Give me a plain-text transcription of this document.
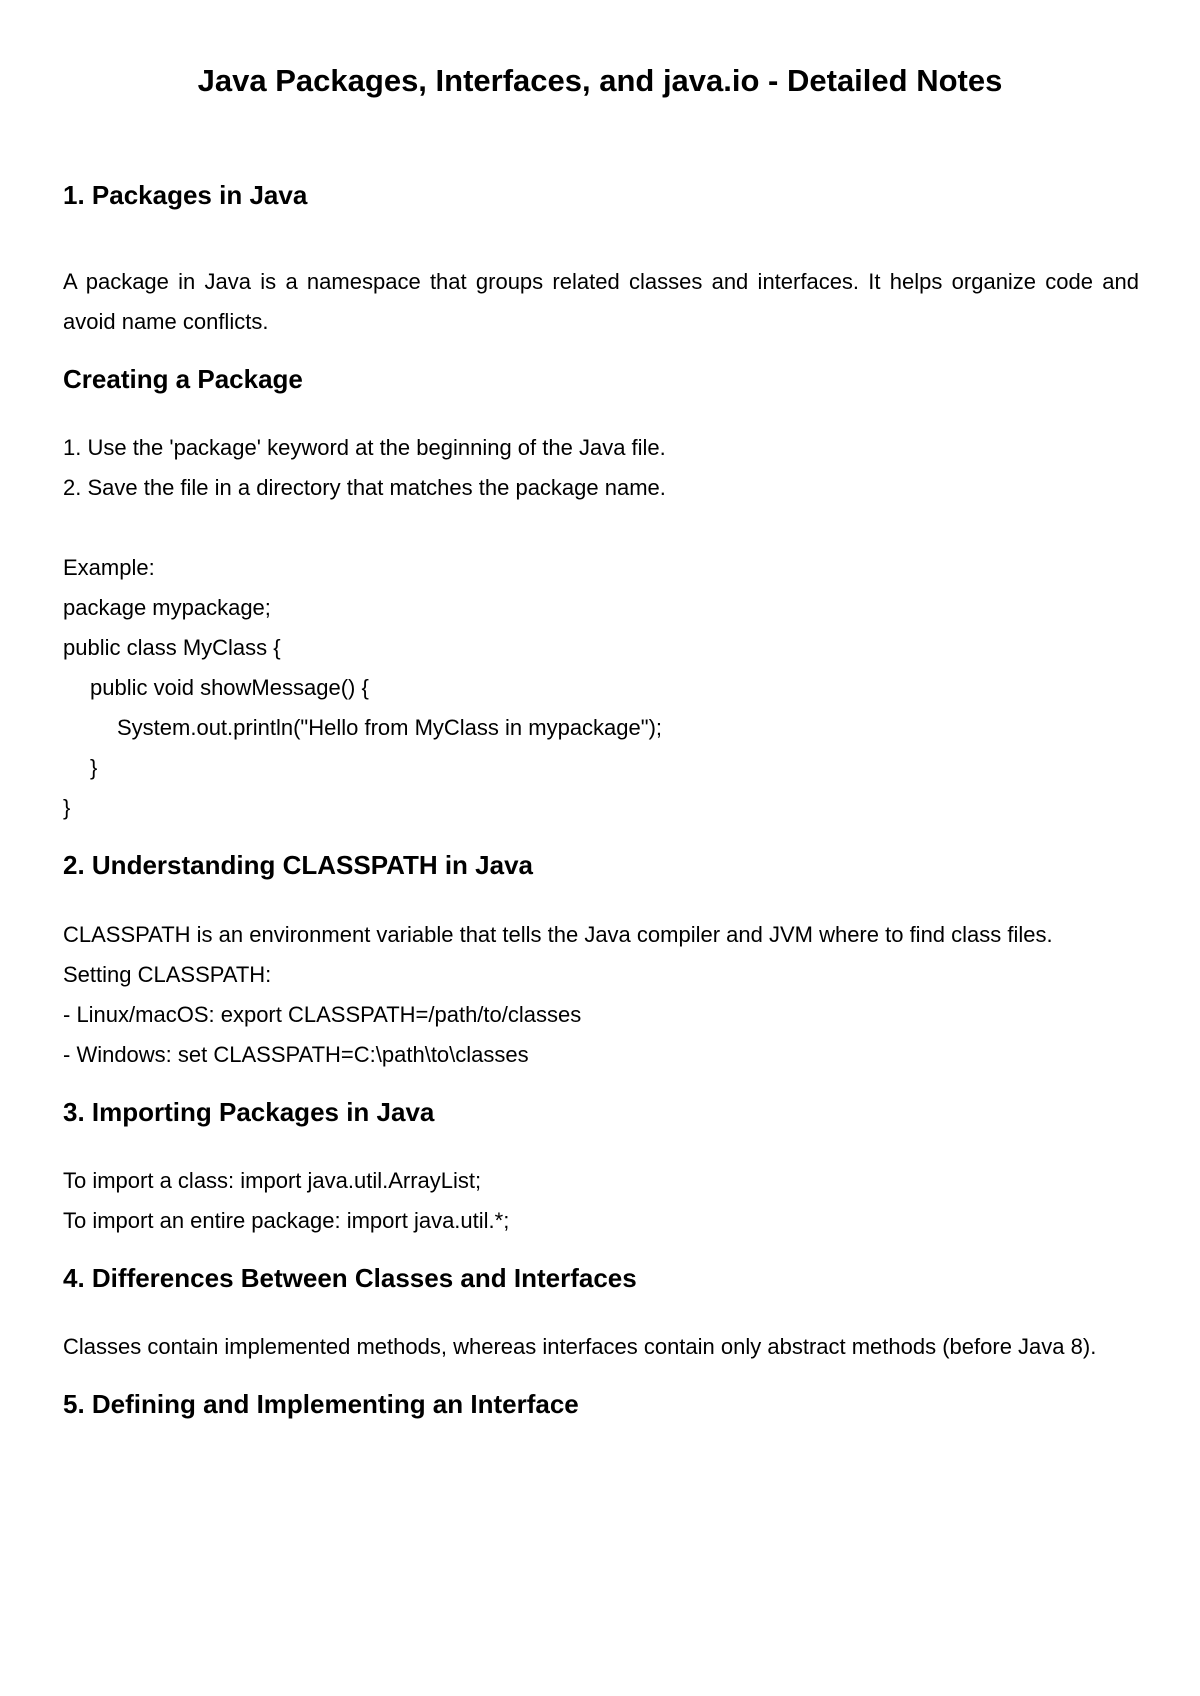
Java Packages, Interfaces, and java.io - Detailed Notes
1. Packages in Java

A package in Java is a namespace that groups related classes and interfaces. It helps organize code and avoid name conflicts.

Creating a Package
1. Use the 'package' keyword at the beginning of the Java file.
2. Save the file in a directory that matches the package name.
Example:
package mypackage;
public class MyClass {
public void showMessage() {
System.out.println("Hello from MyClass in mypackage");
}
}
2. Understanding CLASSPATH in Java

CLASSPATH is an environment variable that tells the Java compiler and JVM where to find class files.

Setting CLASSPATH:
- Linux/macOS: export CLASSPATH=/path/to/classes
- Windows: set CLASSPATH=C:\path\to\classes
3. Importing Packages in Java
To import a class: import java.util.ArrayList;
To import an entire package: import java.util.*;
4. Differences Between Classes and Interfaces

Classes contain implemented methods, whereas interfaces contain only abstract methods (before Java 8).

5. Defining and Implementing an Interface
